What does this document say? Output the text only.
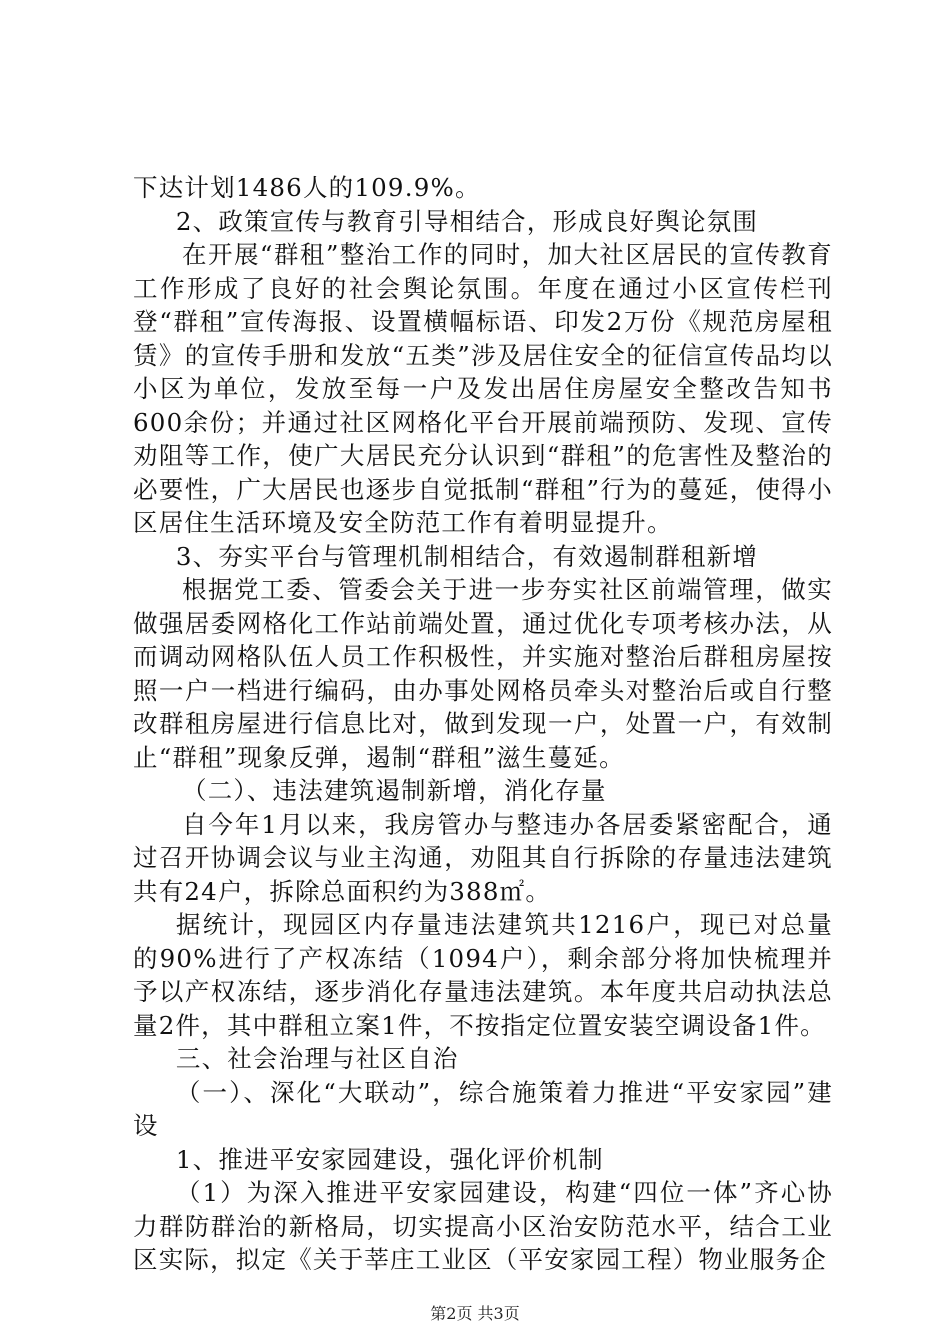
下达计划1486人的109.9%。

2、政策宣传与教育引导相结合，形成良好舆论氛围

在开展“群租”整治工作的同时，加大社区居民的宣传教育工作形成了良好的社会舆论氛围。年度在通过小区宣传栏刊登“群租”宣传海报、设置横幅标语、印发2万份《规范房屋租赁》的宣传手册和发放“五类”涉及居住安全的征信宣传品均以小区为单位，发放至每一户及发出居住房屋安全整改告知书600余份；并通过社区网格化平台开展前端预防、发现、宣传劝阻等工作，使广大居民充分认识到“群租”的危害性及整治的必要性，广大居民也逐步自觉抵制“群租”行为的蔓延，使得小区居住生活环境及安全防范工作有着明显提升。

3、夯实平台与管理机制相结合，有效遏制群租新增

根据党工委、管委会关于进一步夯实社区前端管理，做实做强居委网格化工作站前端处置，通过优化专项考核办法，从而调动网格队伍人员工作积极性，并实施对整治后群租房屋按照一户一档进行编码，由办事处网格员牵头对整治后或自行整改群租房屋进行信息比对，做到发现一户，处置一户，有效制止“群租”现象反弹，遏制“群租”滋生蔓延。

（二）、违法建筑遏制新增，消化存量

自今年1月以来，我房管办与整违办各居委紧密配合，通过召开协调会议与业主沟通，劝阻其自行拆除的存量违法建筑共有24户，拆除总面积约为388㎡。

据统计，现园区内存量违法建筑共1216户，现已对总量的90%进行了产权冻结（1094户），剩余部分将加快梳理并予以产权冻结，逐步消化存量违法建筑。本年度共启动执法总量2件，其中群租立案1件，不按指定位置安装空调设备1件。

三、社会治理与社区自治

（一）、深化“大联动”，综合施策着力推进“平安家园”建设

1、推进平安家园建设，强化评价机制

（1）为深入推进平安家园建设，构建“四位一体”齐心协力群防群治的新格局，切实提高小区治安防范水平，结合工业区实际，拟定《关于莘庄工业区（平安家园工程）物业服务企

第2页 共3页
